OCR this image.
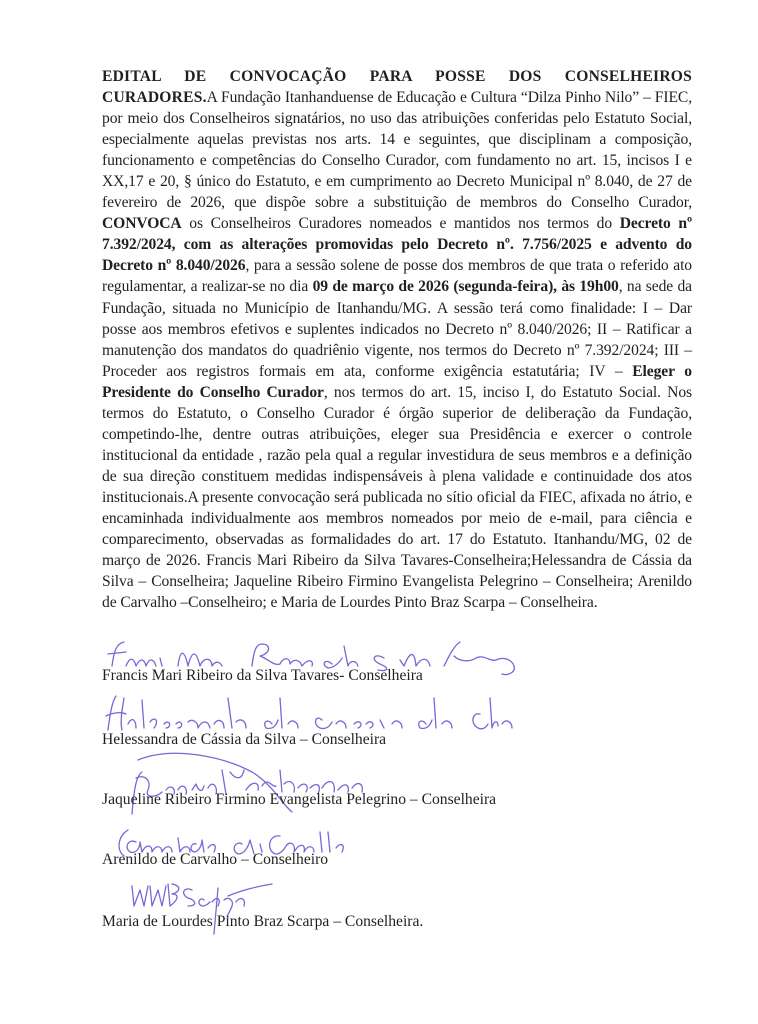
EDITAL DE CONVOCAÇÃO PARA POSSE DOS CONSELHEIROS CURADORES.A Fundação Itanhanduense de Educação e Cultura “Dilza Pinho Nilo” – FIEC, por meio dos Conselheiros signatários, no uso das atribuições conferidas pelo Estatuto Social, especialmente aquelas previstas nos arts. 14 e seguintes, que disciplinam a composição, funcionamento e competências do Conselho Curador, com fundamento no art. 15, incisos I e XX,17 e 20, § único do Estatuto, e em cumprimento ao Decreto Municipal nº 8.040, de 27 de fevereiro de 2026, que dispõe sobre a substituição de membros do Conselho Curador, CONVOCA os Conselheiros Curadores nomeados e mantidos nos termos do Decreto nº 7.392/2024, com as alterações promovidas pelo Decreto nº. 7.756/2025 e advento do Decreto nº 8.040/2026, para a sessão solene de posse dos membros de que trata o referido ato regulamentar, a realizar-se no dia 09 de março de 2026 (segunda-feira), às 19h00, na sede da Fundação, situada no Município de Itanhandu/MG. A sessão terá como finalidade: I – Dar posse aos membros efetivos e suplentes indicados no Decreto nº 8.040/2026; II – Ratificar a manutenção dos mandatos do quadriênio vigente, nos termos do Decreto nº 7.392/2024; III – Proceder aos registros formais em ata, conforme exigência estatutária; IV – Eleger o Presidente do Conselho Curador, nos termos do art. 15, inciso I, do Estatuto Social. Nos termos do Estatuto, o Conselho Curador é órgão superior de deliberação da Fundação, competindo-lhe, dentre outras atribuições, eleger sua Presidência e exercer o controle institucional da entidade , razão pela qual a regular investidura de seus membros e a definição de sua direção constituem medidas indispensáveis à plena validade e continuidade dos atos institucionais.A presente convocação será publicada no sítio oficial da FIEC, afixada no átrio, e encaminhada individualmente aos membros nomeados por meio de e-mail, para ciência e comparecimento, observadas as formalidades do art. 17 do Estatuto. Itanhandu/MG, 02 de março de 2026. Francis Mari Ribeiro da Silva Tavares-Conselheira;Helessandra de Cássia da Silva – Conselheira; Jaqueline Ribeiro Firmino Evangelista Pelegrino – Conselheira; Arenildo de Carvalho –Conselheiro; e Maria de Lourdes Pinto Braz Scarpa – Conselheira.

Francis Mari Ribeiro da Silva Tavares- Conselheira
Helessandra de Cássia da Silva – Conselheira
Jaqueline Ribeiro Firmino Evangelista Pelegrino – Conselheira
Arenildo de Carvalho – Conselheiro
Maria de Lourdes Pinto Braz Scarpa – Conselheira.
